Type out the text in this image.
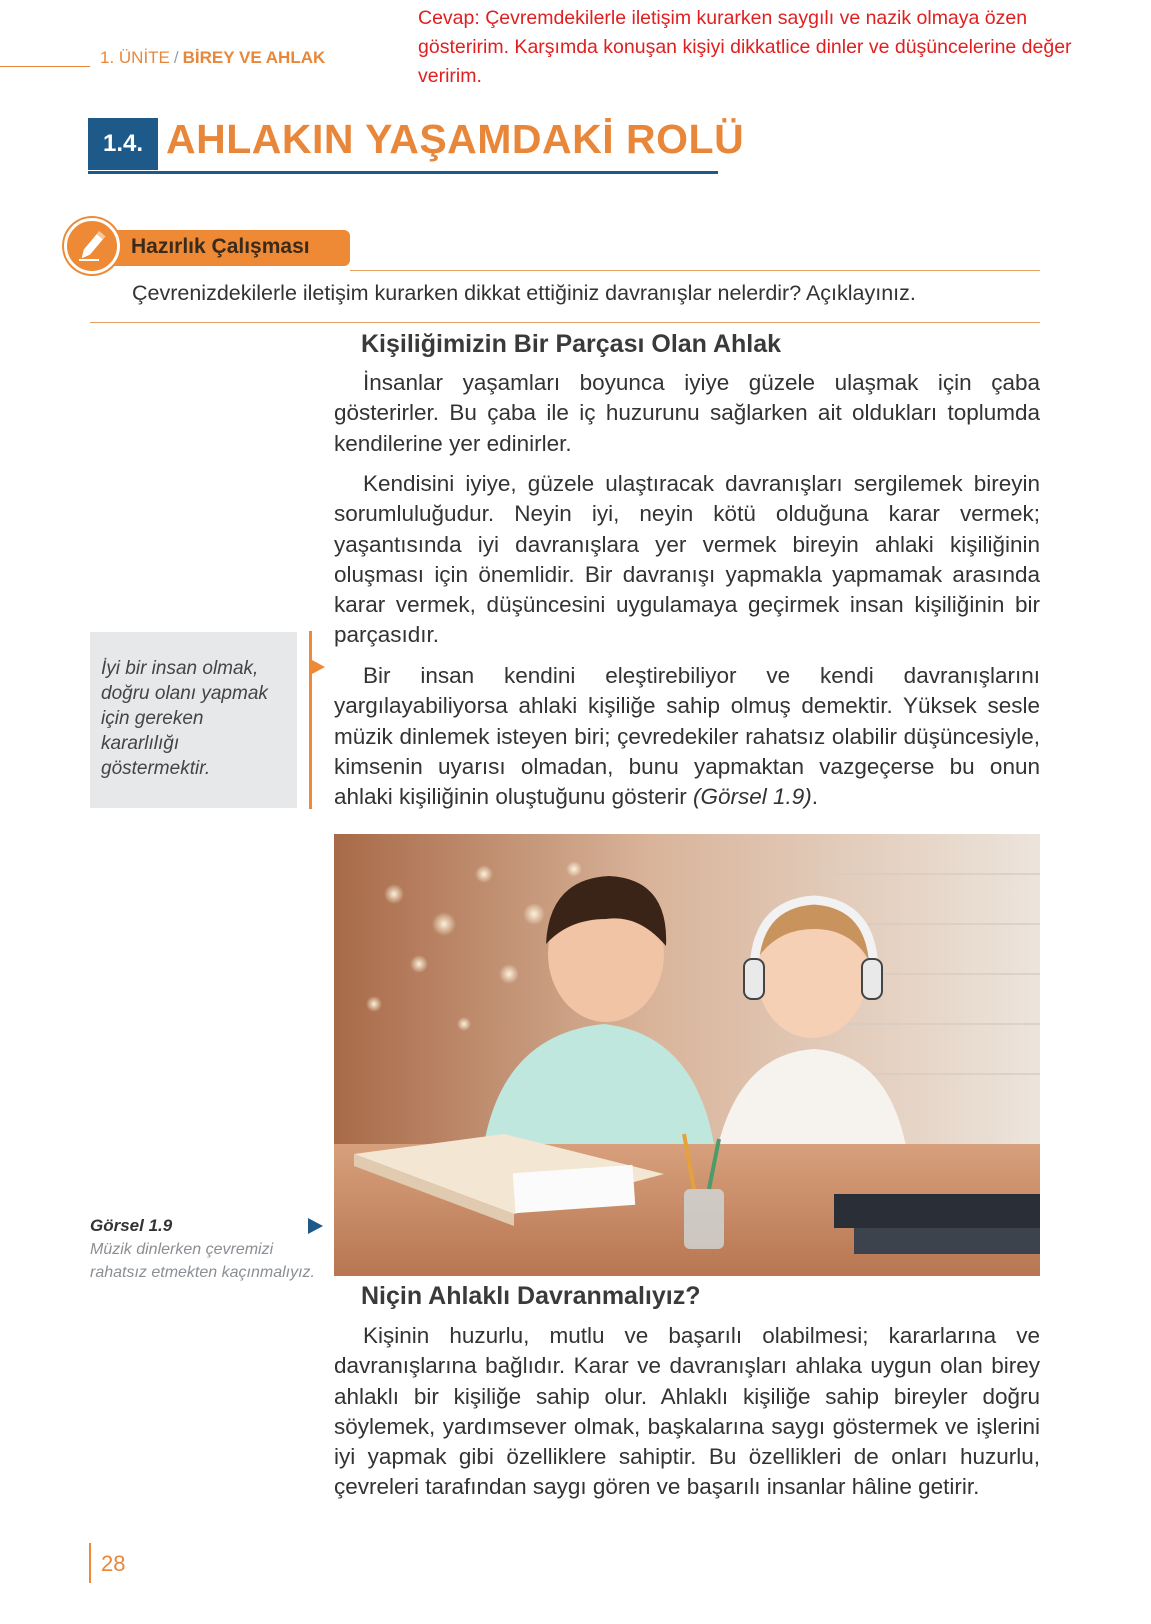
1. ÜNİTE / BİREY VE AHLAK
Cevap: Çevremdekilerle iletişim kurarken saygılı ve nazik olmaya özen gösteririm. Karşımda konuşan kişiyi dikkatlice dinler ve düşüncelerine değer veririm.
1.4. AHLAKIN YAŞAMDAKİ ROLÜ
Hazırlık Çalışması
Çevrenizdekilerle iletişim kurarken dikkat ettiğiniz davranışlar nelerdir? Açıklayınız.
Kişiliğimizin Bir Parçası Olan Ahlak

İnsanlar yaşamları boyunca iyiye güzele ulaşmak için çaba gösterirler. Bu çaba ile iç huzurunu sağlarken ait oldukları toplumda kendilerine yer edinirler.

Kendisini iyiye, güzele ulaştıracak davranışları sergilemek bireyin sorumluluğudur. Neyin iyi, neyin kötü olduğuna karar vermek; yaşantısında iyi davranışlara yer vermek bireyin ahlaki kişiliğinin oluşması için önemlidir. Bir davranışı yapmakla yapmamak arasında karar vermek, düşüncesini uygulamaya geçirmek insan kişiliğinin bir parçasıdır.

Bir insan kendini eleştirebiliyor ve kendi davranışlarını yargılayabiliyorsa ahlaki kişiliğe sahip olmuş demektir. Yüksek sesle müzik dinlemek isteyen biri; çevredekiler rahatsız olabilir düşüncesiyle, kimsenin uyarısı olmadan, bunu yapmaktan vazgeçerse bu onun ahlaki kişiliğinin oluştuğunu gösterir (Görsel 1.9).

İyi bir insan olmak, doğru olanı yapmak için gereken kararlılığı göstermektir.
Görsel 1.9
Müzik dinlerken çevremizi rahatsız etmekten kaçınmalıyız.
Niçin Ahlaklı Davranmalıyız?

Kişinin huzurlu, mutlu ve başarılı olabilmesi; kararlarına ve davranışlarına bağlıdır. Karar ve davranışları ahlaka uygun olan birey ahlaklı bir kişiliğe sahip olur. Ahlaklı kişiliğe sahip bireyler doğru söylemek, yardımsever olmak, başkalarına saygı göstermek ve işlerini iyi yapmak gibi özelliklere sahiptir. Bu özellikleri de onları huzurlu, çevreleri tarafından saygı gören ve başarılı insanlar hâline getirir.

28
